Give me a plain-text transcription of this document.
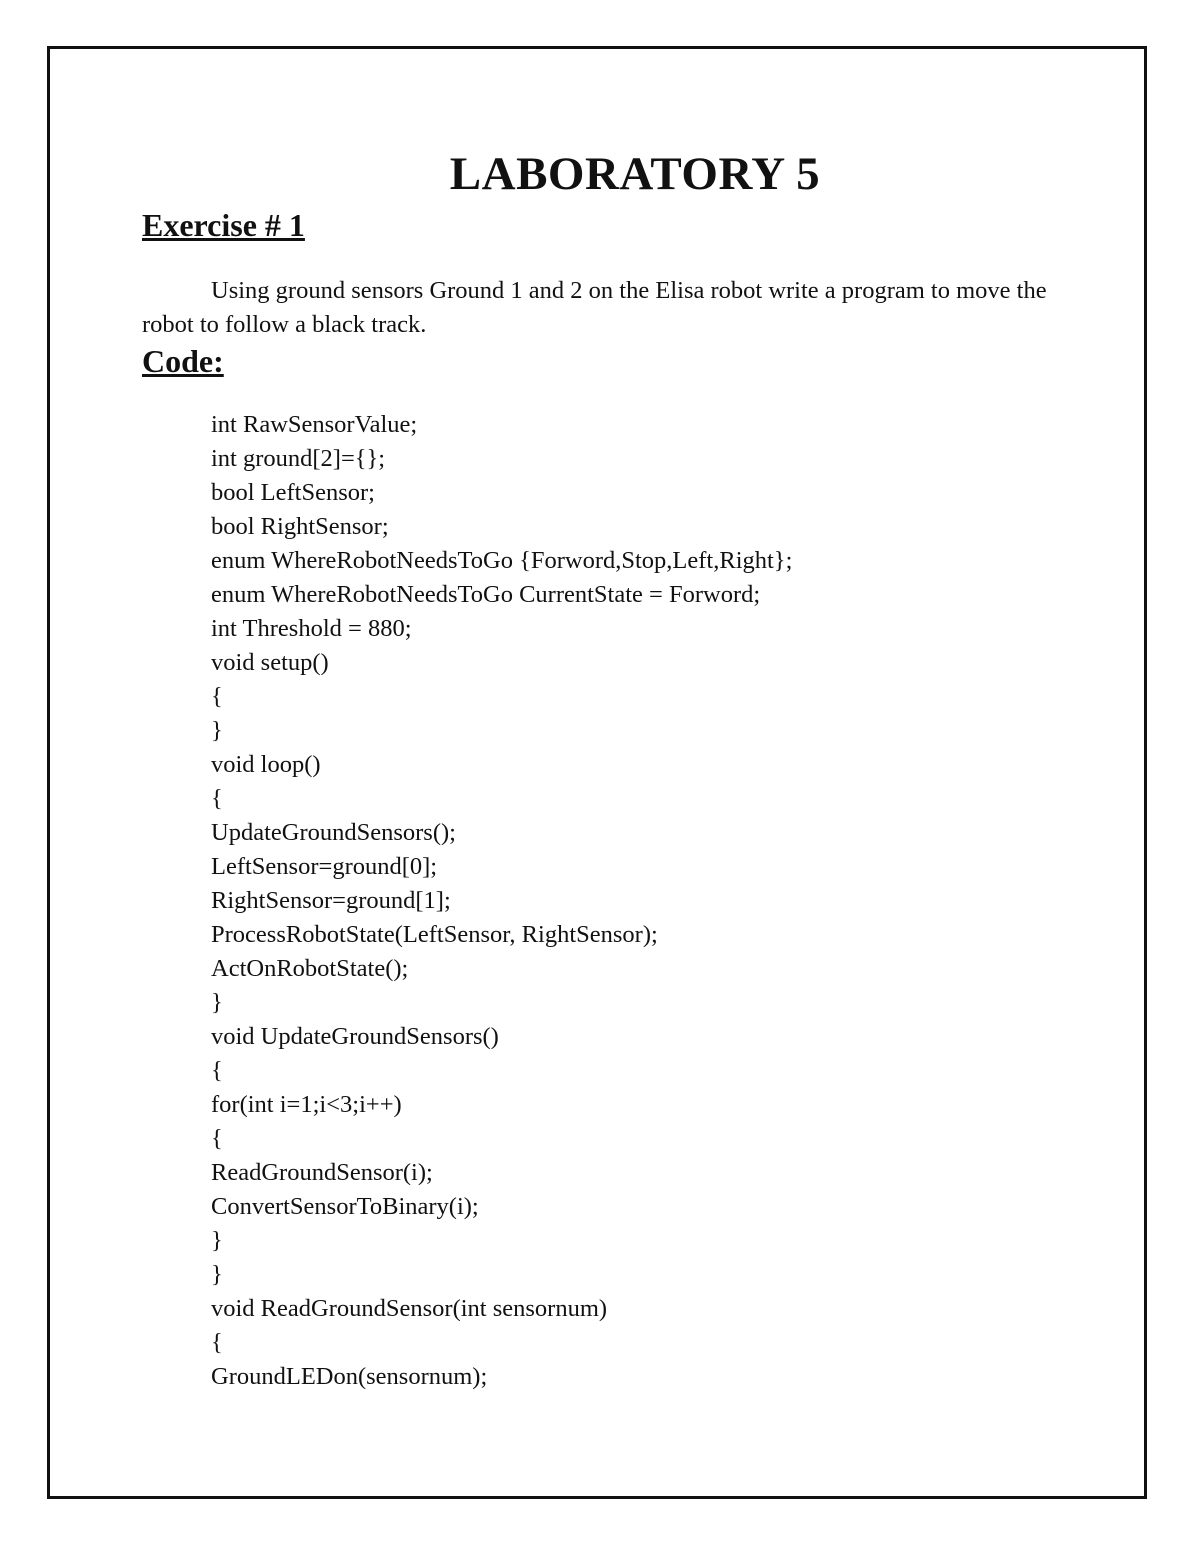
LABORATORY 5
Exercise # 1

Using ground sensors Ground 1 and 2 on the Elisa robot write a program to move the robot to follow a black track.

Code:
int RawSensorValue;
int ground[2]={};
bool LeftSensor;
bool RightSensor;
enum WhereRobotNeedsToGo {Forword,Stop,Left,Right};
enum WhereRobotNeedsToGo CurrentState = Forword;
int Threshold = 880;
void setup()
{
}
void loop()
{
UpdateGroundSensors();
LeftSensor=ground[0];
RightSensor=ground[1];
ProcessRobotState(LeftSensor, RightSensor);
ActOnRobotState();
}
void UpdateGroundSensors()
{
for(int i=1;i<3;i++)
{
ReadGroundSensor(i);
ConvertSensorToBinary(i);
}
}
void ReadGroundSensor(int sensornum)
{
GroundLEDon(sensornum);
